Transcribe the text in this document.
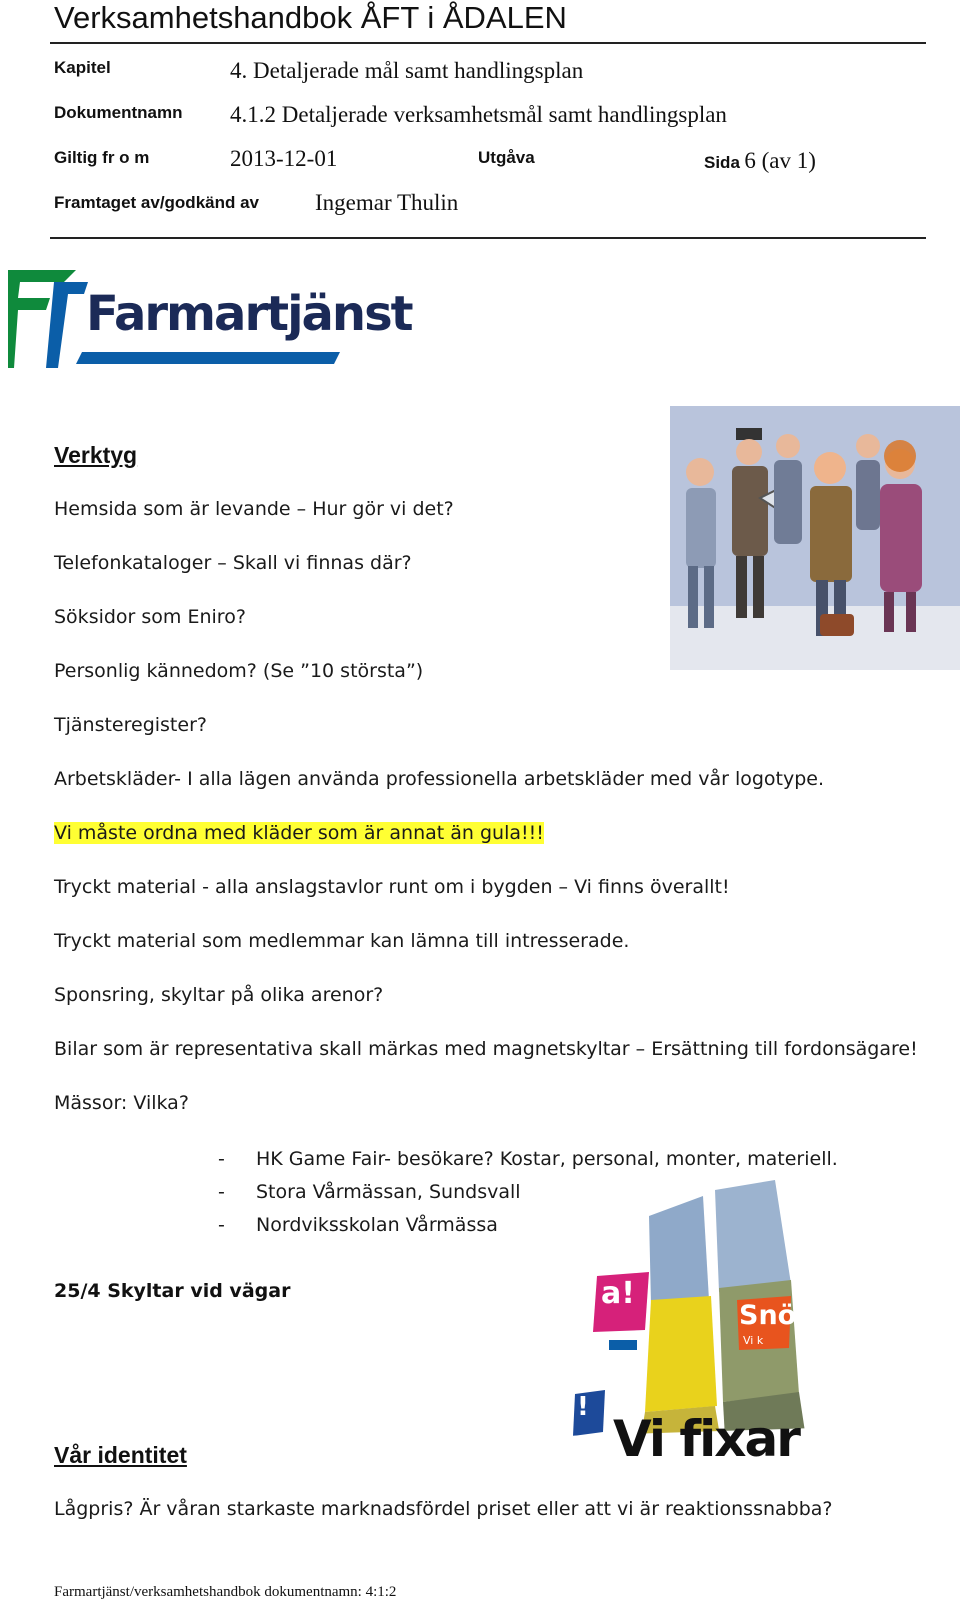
Verksamhetshandbok ÅFT i ÅDALEN
Kapitel	4. Detaljerade mål samt handlingsplan
Dokumentnamn 4.1.2 Detaljerade verksamhetsmål samt handlingsplan
Giltig fr o m	2013-12-01	Utgåva	Sida 6 (av 1)
Framtaget av/godkänd av Ingemar Thulin
Farmartjänst
Verktyg
Hemsida som är levande – Hur gör vi det?
Telefonkataloger – Skall vi finnas där?
Söksidor som Eniro?
Personlig kännedom? (Se ”10 största”)
Tjänsteregister?
Arbetskläder- I alla lägen använda professionella arbetskläder med vår logotype.
Vi måste ordna med kläder som är annat än gula!!!
Tryckt material - alla anslagstavlor runt om i bygden – Vi finns överallt!
Tryckt material som medlemmar kan lämna till intresserade.
Sponsring, skyltar på olika arenor?
Bilar som är representativa skall märkas med magnetskyltar – Ersättning till fordonsägare!
Mässor: Vilka?
- HK Game Fair- besökare? Kostar, personal, monter, materiell.
- Stora Vårmässan, Sundsvall
- Nordviksskolan Vårmässa
25/4 Skyltar vid vägar	a!
Snö
Vi k
!
Vi fixar
Vår identitet
Lågpris? Är våran starkaste marknadsfördel priset eller att vi är reaktionssnabba?
Farmartjänst/verksamhetshandbok dokumentnamn: 4:1:2
